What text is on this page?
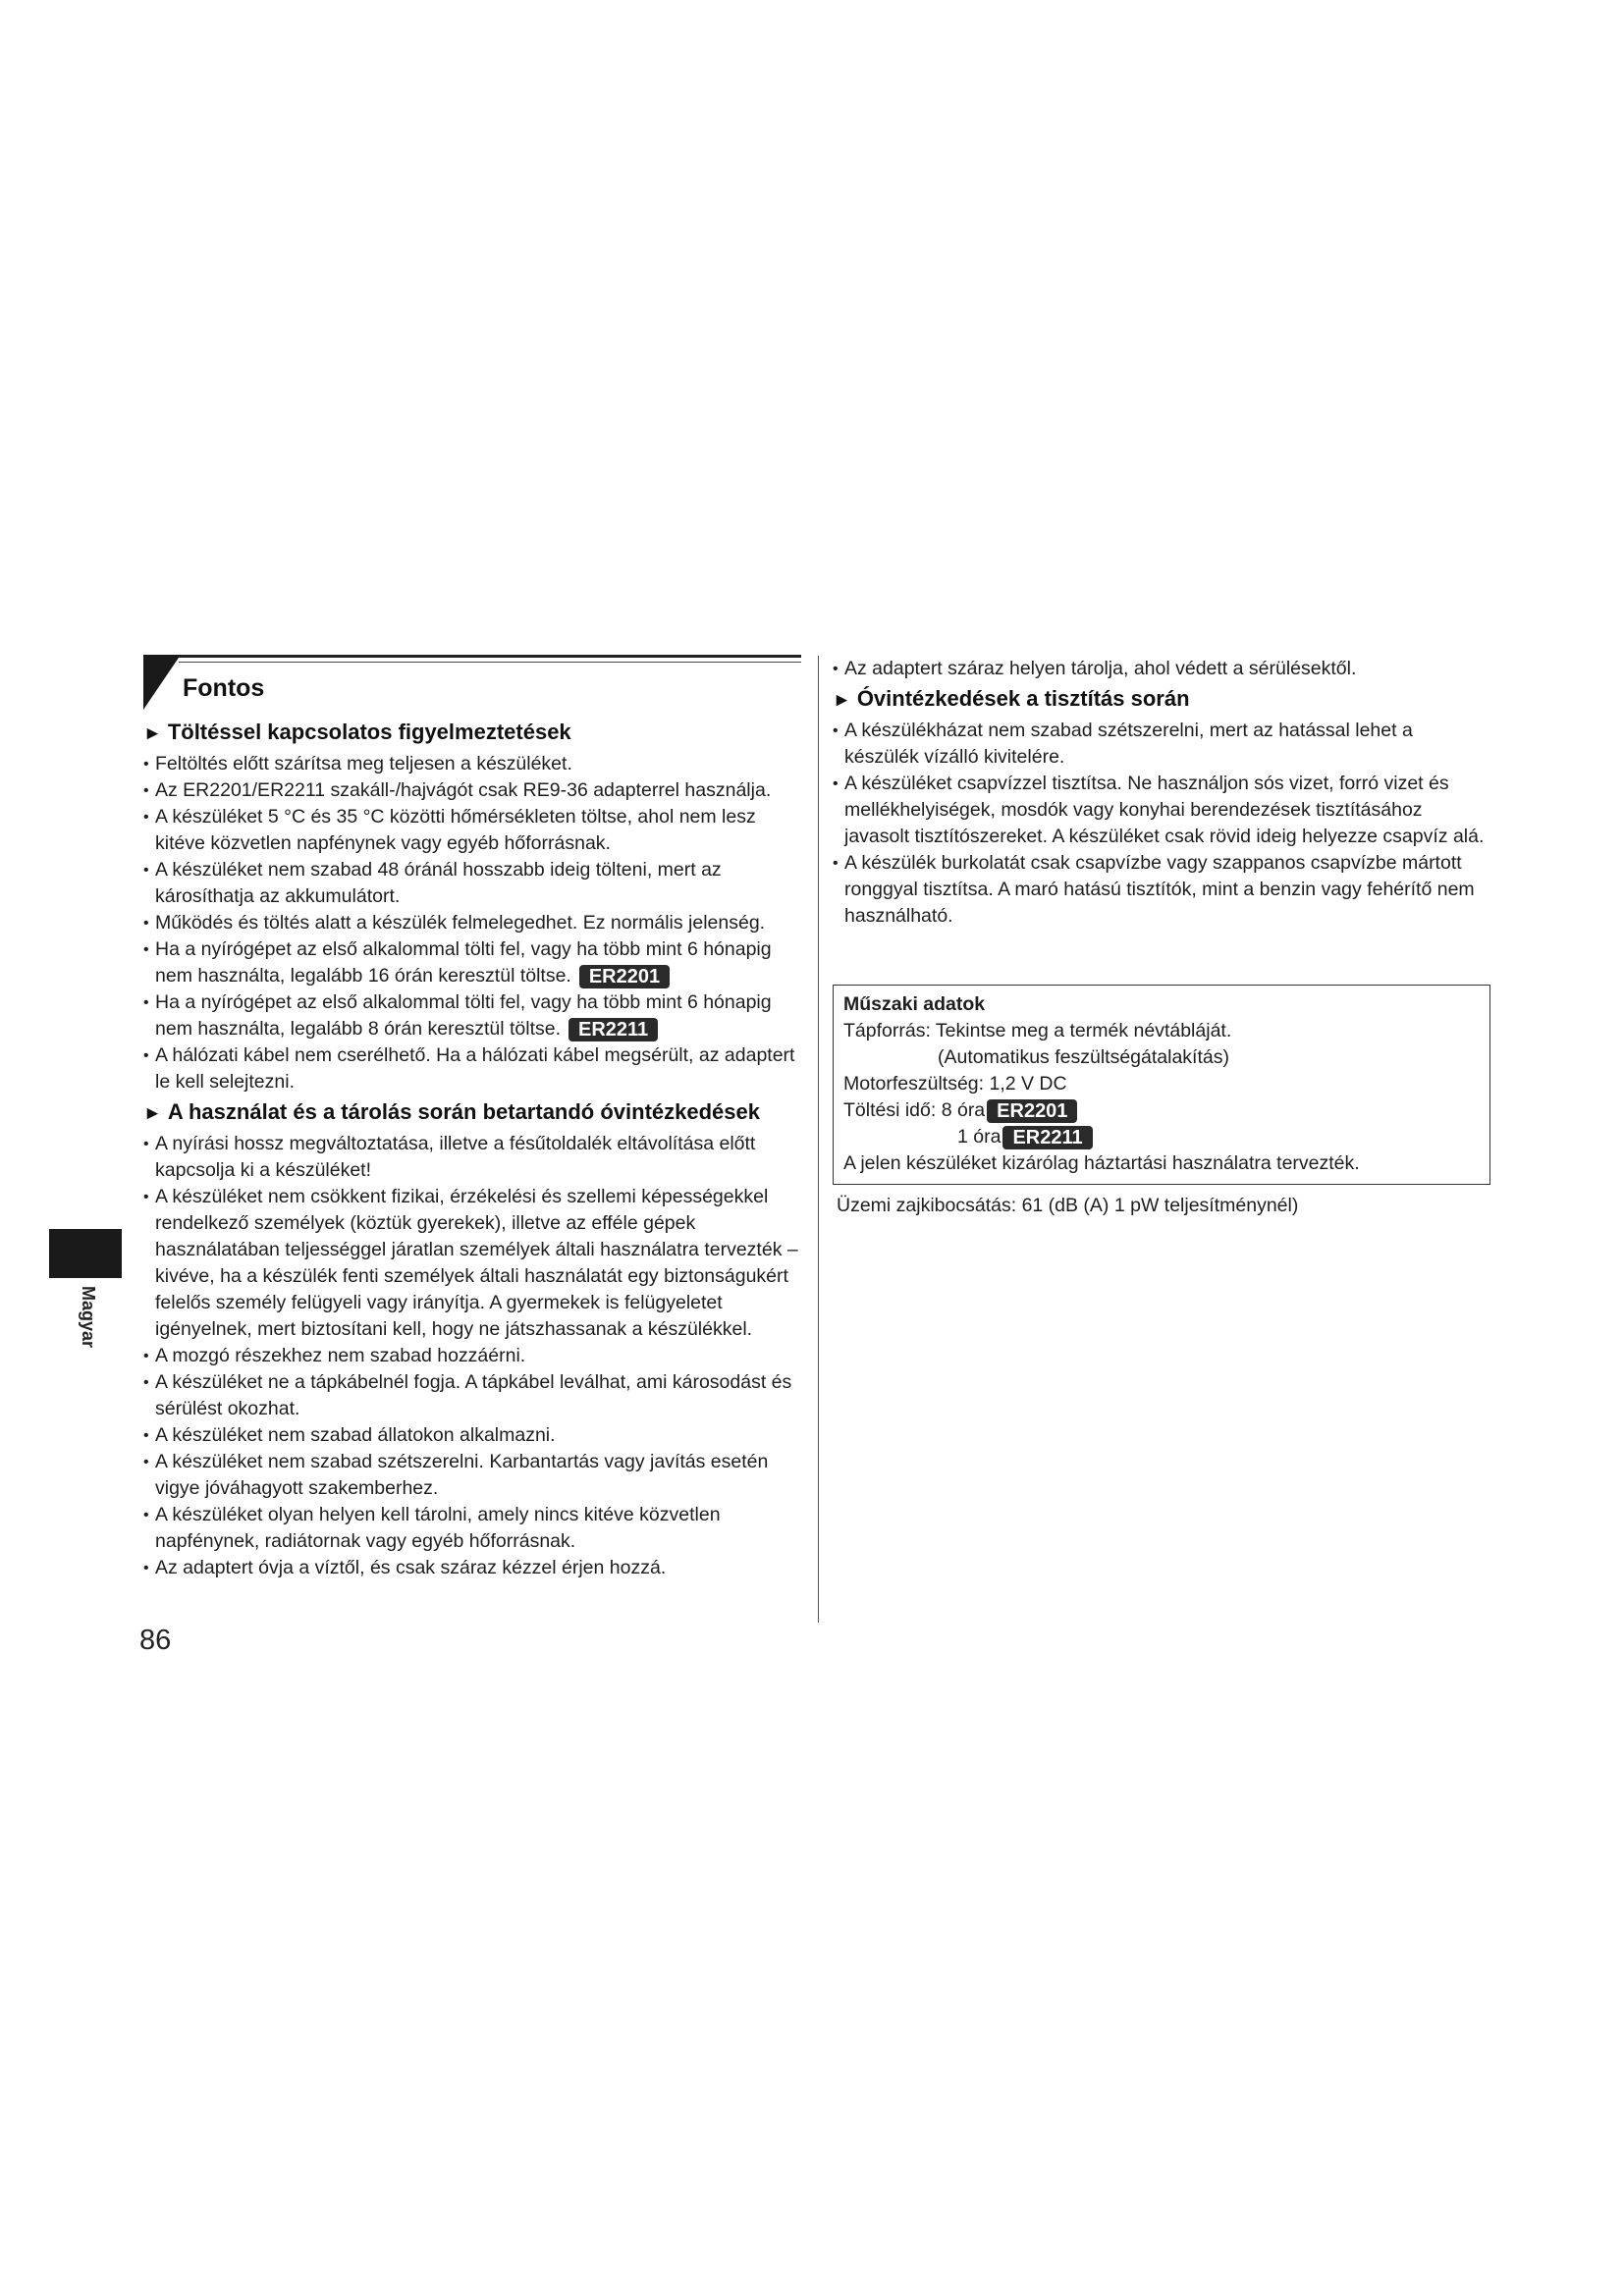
Fontos
► Töltéssel kapcsolatos figyelmeztetések
• Feltöltés előtt szárítsa meg teljesen a készüléket.
• Az ER2201/ER2211 szakáll-/hajvágót csak RE9-36 adapterrel használja.
• A készüléket 5 °C és 35 °C közötti hőmérsékleten töltse, ahol nem lesz kitéve közvetlen napfénynek vagy egyéb hőforrásnak.
• A készüléket nem szabad 48 óránál hosszabb ideig tölteni, mert az károsíthatja az akkumulátort.
• Működés és töltés alatt a készülék felmelegedhet. Ez normális jelenség.
• Ha a nyírógépet az első alkalommal tölti fel, vagy ha több mint 6 hónapig nem használta, legalább 16 órán keresztül töltse. ER2201
• Ha a nyírógépet az első alkalommal tölti fel, vagy ha több mint 6 hónapig nem használta, legalább 8 órán keresztül töltse. ER2211
• A hálózati kábel nem cserélhető. Ha a hálózati kábel megsérült, az adaptert le kell selejtezni.
► A használat és a tárolás során betartandó óvintézkedések
• A nyírási hossz megváltoztatása, illetve a fésűtoldalék eltávolítása előtt kapcsolja ki a készüléket!
• A készüléket nem csökkent fizikai, érzékelési és szellemi képességekkel rendelkező személyek (köztük gyerekek), illetve az efféle gépek használatában teljességgel járatlan személyek általi használatra tervezték – kivéve, ha a készülék fenti személyek általi használatát egy biztonságukért felelős személy felügyeli vagy irányítja. A gyermekek is felügyeletet igényelnek, mert biztosítani kell, hogy ne játszhassanak a készülékkel.
• A mozgó részekhez nem szabad hozzáérni.
• A készüléket ne a tápkábelnél fogja. A tápkábel leválhat, ami károsodást és sérülést okozhat.
• A készüléket nem szabad állatokon alkalmazni.
• A készüléket nem szabad szétszerelni. Karbantartás vagy javítás esetén vigye jóváhagyott szakemberhez.
• A készüléket olyan helyen kell tárolni, amely nincs kitéve közvetlen napfénynek, radiátornak vagy egyéb hőforrásnak.
• Az adaptert óvja a víztől, és csak száraz kézzel érjen hozzá.
• Az adaptert száraz helyen tárolja, ahol védett a sérülésektől.
► Óvintézkedések a tisztítás során
• A készülékházat nem szabad szétszerelni, mert az hatással lehet a készülék vízálló kivitelére.
• A készüléket csapvízzel tisztítsa. Ne használjon sós vizet, forró vizet és mellékhelyiségek, mosdók vagy konyhai berendezések tisztításához javasolt tisztítószereket. A készüléket csak rövid ideig helyezze csapvíz alá.
• A készülék burkolatát csak csapvízbe vagy szappanos csapvízbe mártott ronggyal tisztítsa. A maró hatású tisztítók, mint a benzin vagy fehérítő nem használható.
Műszaki adatok
Tápforrás: Tekintse meg a termék névtábláját.
(Automatikus feszültségátalakítás)
Motorfeszültség: 1,2 V DC
Töltési idő: 8 óra ER2201
1 óra ER2211
A jelen készüléket kizárólag háztartási használatra tervezték.
Üzemi zajkibocsátás: 61 (dB (A) 1 pW teljesítménynél)
Magyar
86
